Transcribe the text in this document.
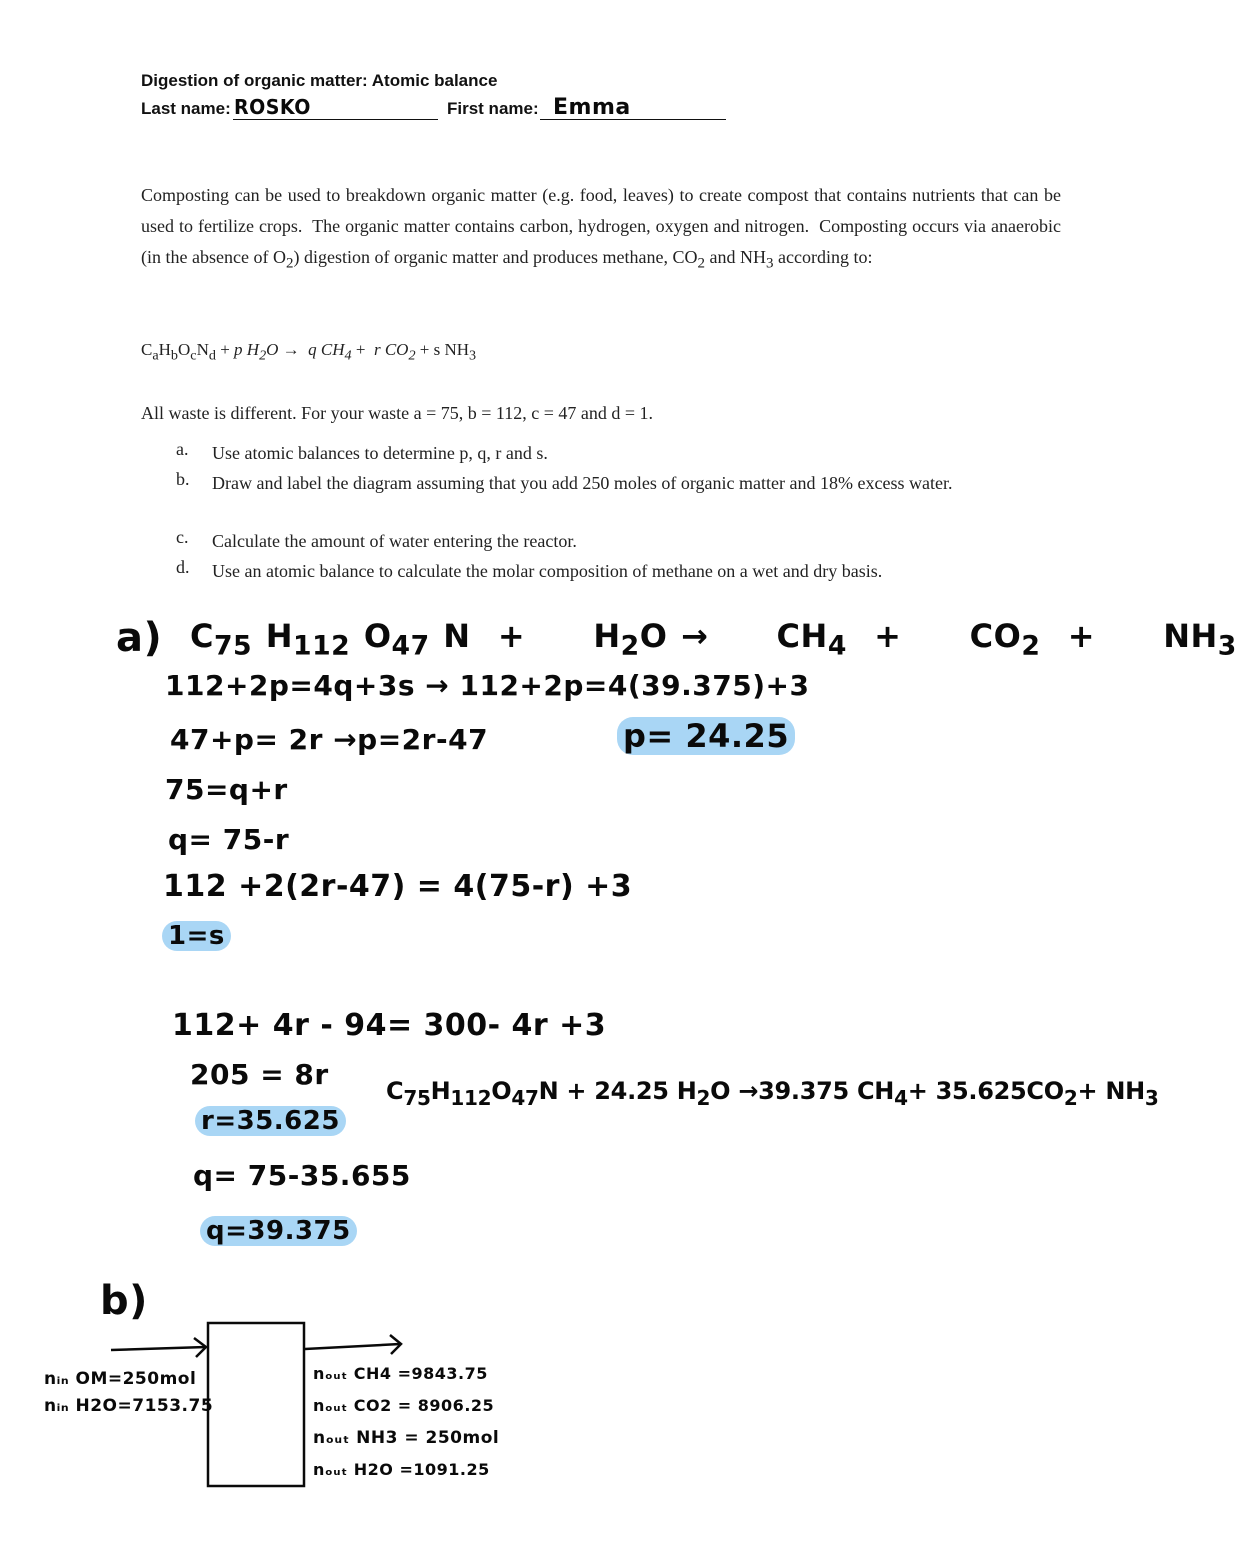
Digestion of organic matter: Atomic balance
Last name: ROSKO	First name: Emma
Composting can be used to breakdown organic matter (e.g. food, leaves) to create compost that contains nutrients that can be used to fertilize crops.  The organic matter contains carbon, hydrogen, oxygen and nitrogen.  Composting occurs via anaerobic (in the absence of $O_2$) digestion of organic matter and produces methane, $CO_2$ and $NH_3$ according to:
$C_aH_bO_cN_d + p$ $H_2O \to q$ $CH_4 + r$ $CO_2 + s$ $NH_3$
All waste is different. For your waste a = 75, b = 112, c = 47 and d = 1.
a. Use atomic balances to determine p, q, r and s.
b. Draw and label the diagram assuming that you add 250 moles of organic matter and 18% excess water.
c. Calculate the amount of water entering the reactor.
d. Use an atomic balance to calculate the molar composition of methane on a wet and dry basis.
a) $C_{75}$ $H_{112}$ $O_{47}$ N  +     $H_2O$ →     $CH_4$  +     $CO_2$  +     $NH_3$
112+2p=4q+3s → 112+2p=4(39.375)+3
47+p= 2r →p=2r-47	p= 24.25
75=q+r
q= 75-r
112 +2(2r-47) = 4(75-r) +3
1=s
112+ 4r - 94= 300- 4r +3
205 = 8r
r=35.625
$C_{75}H_{112}O_{47}N + 24.25$ $H_2O \to 39.375$ $CH_4+ 35.625CO_2+ NH_3$
q= 75-35.655
q=39.375
b)
nᵢₙ OM=250mol
nᵢₙ H2O=7153.75
nₒᵤₜ CH4 =9843.75
nₒᵤₜ CO2 = 8906.25
nₒᵤₜ NH3 = 250mol
nₒᵤₜ H2O =1091.25
